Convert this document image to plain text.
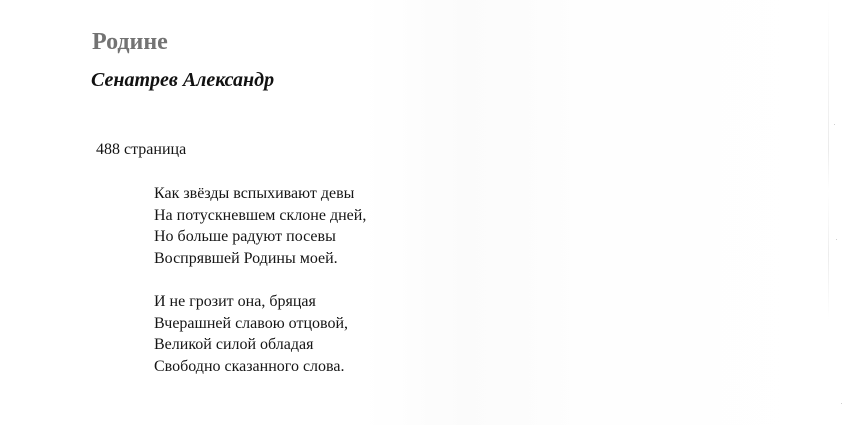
Родине
Сенатрев Александр
488 страница
Как звёзды вспыхивают девы
На потускневшем склоне дней,
Но больше радуют посевы
Воспрявшей Родины моей.
И не грозит она, бряцая
Вчерашней славою отцовой,
Великой силой обладая
Свободно сказанного слова.
